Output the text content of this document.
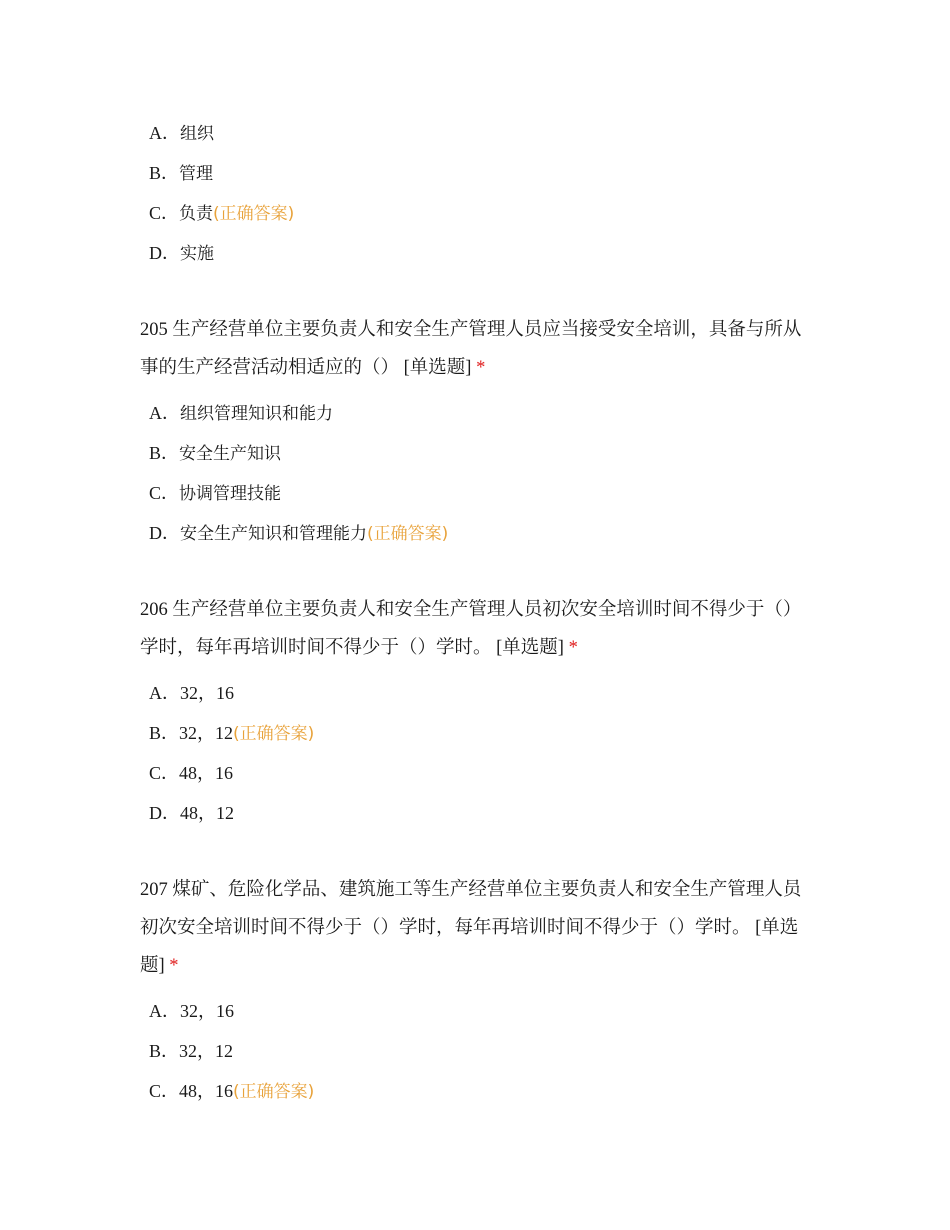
A．组织
B．管理
C．负责(正确答案)
D．实施
205 生产经营单位主要负责人和安全生产管理人员应当接受安全培训，具备与所从事的生产经营活动相适应的（） [单选题] *
A．组织管理知识和能力
B．安全生产知识
C．协调管理技能
D．安全生产知识和管理能力(正确答案)
206 生产经营单位主要负责人和安全生产管理人员初次安全培训时间不得少于（）学时，每年再培训时间不得少于（）学时。 [单选题] *
A．32，16
B．32，12(正确答案)
C．48，16
D．48，12
207 煤矿、危险化学品、建筑施工等生产经营单位主要负责人和安全生产管理人员初次安全培训时间不得少于（）学时，每年再培训时间不得少于（）学时。 [单选题] *
A．32，16
B．32，12
C．48，16(正确答案)
